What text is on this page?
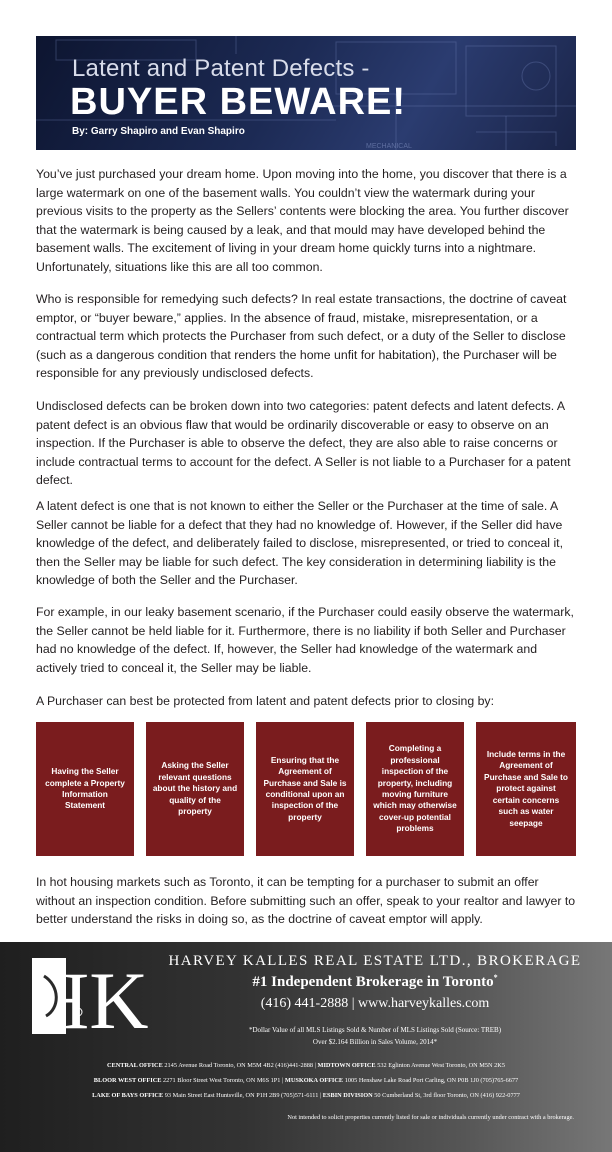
MECHANICAL
Latent and Patent Defects -
BUYER BEWARE!
By: Garry Shapiro and Evan Shapiro

You’ve just purchased your dream home. Upon moving into the home, you discover that there is a large watermark on one of the basement walls. You couldn’t view the watermark during your previous visits to the property as the Sellers’ contents were blocking the area. You further discover that the watermark is being caused by a leak, and that mould may have developed behind the basement walls. The excitement of living in your dream home quickly turns into a nightmare. Unfortunately, situations like this are all too common.

Who is responsible for remedying such defects? In real estate transactions, the doctrine of caveat emptor, or “buyer beware,” applies. In the absence of fraud, mistake, misrepresentation, or a contractual term which protects the Purchaser from such defect, or a duty of the Seller to disclose (such as a dangerous condition that renders the home unfit for habitation), the Purchaser will be responsible for any previously undisclosed defects.

Undisclosed defects can be broken down into two categories: patent defects and latent defects. A patent defect is an obvious flaw that would be ordinarily discoverable or easy to observe on an inspection. If the Purchaser is able to observe the defect, they are also able to raise concerns or include contractual terms to account for the defect. A Seller is not liable to a Purchaser for a patent defect.

A latent defect is one that is not known to either the Seller or the Purchaser at the time of sale. A Seller cannot be liable for a defect that they had no knowledge of. However, if the Seller did have knowledge of the defect, and deliberately failed to disclose, misrepresented, or tried to conceal it, then the Seller may be liable for such defect. The key consideration in determining liability is the knowledge of both the Seller and the Purchaser.

For example, in our leaky basement scenario, if the Purchaser could easily observe the watermark, the Seller cannot be held liable for it. Furthermore, there is no liability if both Seller and Purchaser had no knowledge of the defect. If, however, the Seller had knowledge of the watermark and actively tried to conceal it, the Seller may be liable.

A Purchaser can best be protected from latent and patent defects prior to closing by:

Having the Seller complete a Property Information Statement
Asking the Seller relevant questions about the history and quality of the property
Ensuring that the Agreement of Purchase and Sale is conditional upon an inspection of the property
Completing a professional inspection of the property, including moving furniture which may otherwise cover-up potential problems
Include terms in the Agreement of Purchase and Sale to protect against certain concerns such as water seepage

In hot housing markets such as Toronto, it can be tempting for a purchaser to submit an offer without an inspection condition. Before submitting such an offer, speak to your realtor and lawyer to better understand the risks in doing so, as the doctrine of caveat emptor will apply.

HK	HARVEY KALLES REAL ESTATE LTD., BROKERAGE
#1 Independent Brokerage in Toronto*
(416) 441-2888 | www.harveykalles.com
*Dollar Value of all MLS Listings Sold & Number of MLS Listings Sold (Source: TREB)
Over $2.164 Billion in Sales Volume, 2014*
CENTRAL OFFICE 2145 Avenue Road Toronto, ON M5M 4B2 (416)441-2888 | MIDTOWN OFFICE 532 Eglinton Avenue West Toronto, ON M5N 2K5
BLOOR WEST OFFICE 2271 Bloor Street West Toronto, ON M6S 1P1 | MUSKOKA OFFICE 1005 Henshaw Lake Road Port Carling, ON P0B 1J0 (705)765-6677
LAKE OF BAYS OFFICE 93 Main Street East Huntsville, ON P1H 2B9 (705)571-6111 | ESBIN DIVISION 50 Cumberland St, 3rd floor Toronto, ON (416) 922-0777
Not intended to solicit properties currently listed for sale or individuals currently under contract with a brokerage.
